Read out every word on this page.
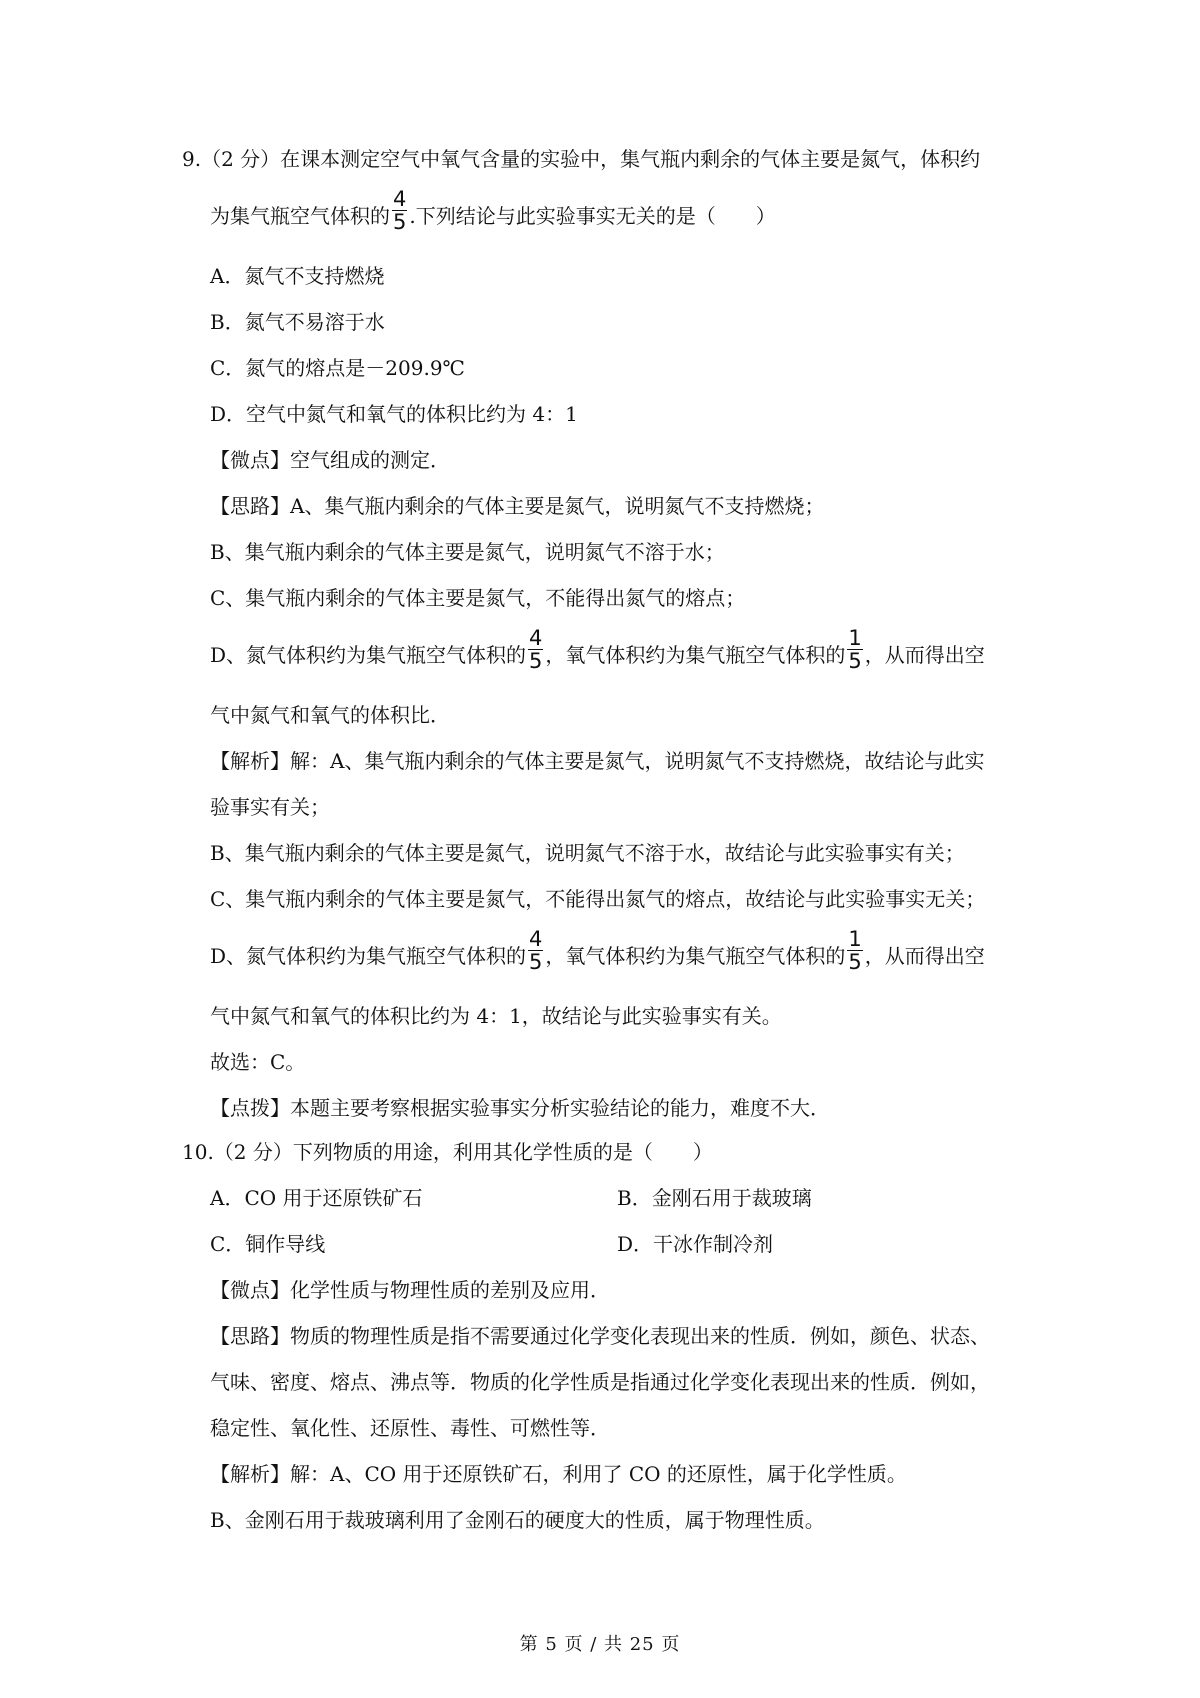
9.（2 分）在课本测定空气中氧气含量的实验中，集气瓶内剩余的气体主要是氮气，体积约

为集气瓶空气体积的 $\frac{4}{5}$ .下列结论与此实验事实无关的是（　　）

A．氮气不支持燃烧

B．氮气不易溶于水

C．氮气的熔点是－209.9℃

D．空气中氮气和氧气的体积比约为 4：1

【微点】空气组成的测定．

【思路】A、集气瓶内剩余的气体主要是氮气，说明氮气不支持燃烧；

B、集气瓶内剩余的气体主要是氮气，说明氮气不溶于水；

C、集气瓶内剩余的气体主要是氮气，不能得出氮气的熔点；

D、氮气体积约为集气瓶空气体积的 $\frac{4}{5}$ ，氧气体积约为集气瓶空气体积的 $\frac{1}{5}$ ，从而得出空

气中氮气和氧气的体积比．

【解析】解：A、集气瓶内剩余的气体主要是氮气，说明氮气不支持燃烧，故结论与此实

验事实有关；

B、集气瓶内剩余的气体主要是氮气，说明氮气不溶于水，故结论与此实验事实有关；

C、集气瓶内剩余的气体主要是氮气，不能得出氮气的熔点，故结论与此实验事实无关；

D、氮气体积约为集气瓶空气体积的 $\frac{4}{5}$ ，氧气体积约为集气瓶空气体积的 $\frac{1}{5}$ ，从而得出空

气中氮气和氧气的体积比约为 4：1，故结论与此实验事实有关。

故选：C。

【点拨】本题主要考察根据实验事实分析实验结论的能力，难度不大．

10.（2 分）下列物质的用途，利用其化学性质的是（　　）

A．CO 用于还原铁矿石	B．金刚石用于裁玻璃
C．铜作导线	D．干冰作制冷剂

【微点】化学性质与物理性质的差别及应用．

【思路】物质的物理性质是指不需要通过化学变化表现出来的性质．例如，颜色、状态、

气味、密度、熔点、沸点等．物质的化学性质是指通过化学变化表现出来的性质．例如，

稳定性、氧化性、还原性、毒性、可燃性等．

【解析】解：A、CO 用于还原铁矿石，利用了 CO 的还原性，属于化学性质。

B、金刚石用于裁玻璃利用了金刚石的硬度大的性质，属于物理性质。

第 5 页 / 共 25 页
